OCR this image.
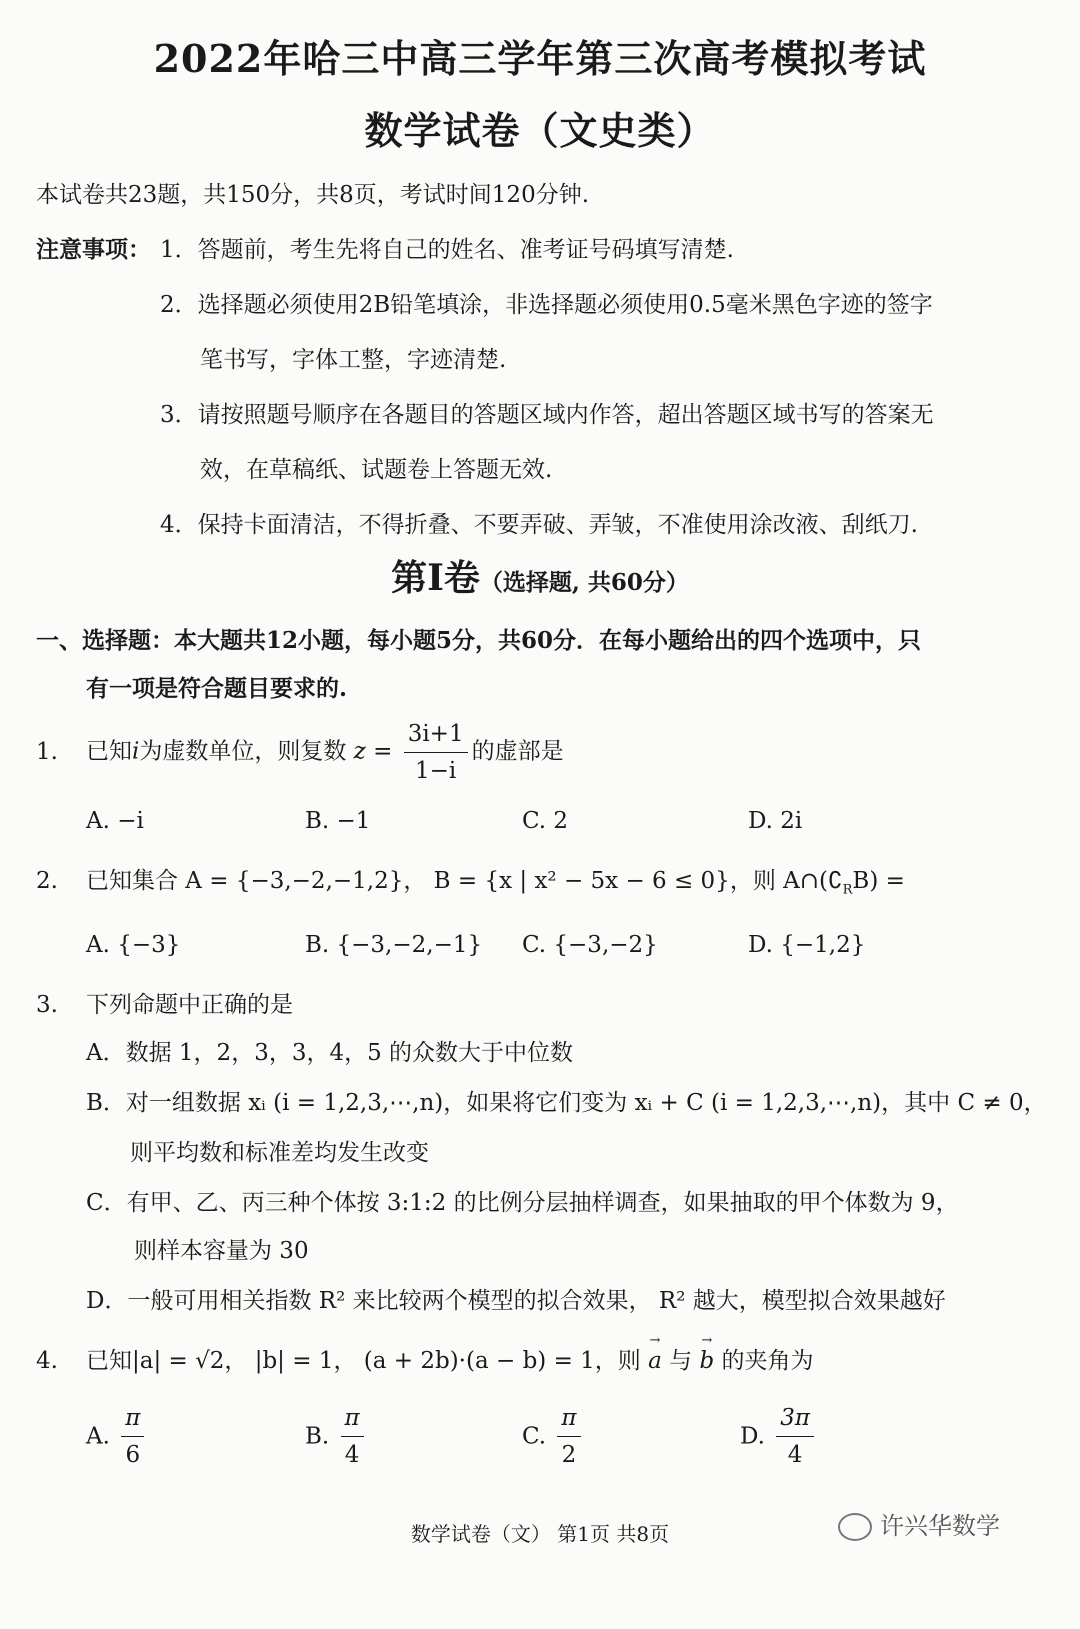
2022年哈三中高三学年第三次高考模拟考试
数学试卷（文史类）
本试卷共23题，共150分，共8页，考试时间120分钟.
注意事项： 1．答题前，考生先将自己的姓名、准考证号码填写清楚.
2．选择题必须使用2B铅笔填涂，非选择题必须使用0.5毫米黑色字迹的签字
笔书写，字体工整，字迹清楚.
3．请按照题号顺序在各题目的答题区域内作答，超出答题区域书写的答案无
效，在草稿纸、试题卷上答题无效.
4．保持卡面清洁，不得折叠、不要弄破、弄皱，不准使用涂改液、刮纸刀.
第Ⅰ卷（选择题, 共60分）
一、选择题：本大题共12小题，每小题5分，共60分．在每小题给出的四个选项中，只
有一项是符合题目要求的.
1. 已知i为虚数单位，则复数 $z = \frac{3i+1}{1-i}$ 的虚部是
A. −i	B. −1	C. 2	D. 2i
2. 已知集合 A = {−3,−2,−1,2}， B = {x | x² − 5x − 6 ≤ 0}，则 $A\cap(∁_RB)$ =
A. {−3}	B. {−3,−2,−1} C. {−3,−2}	D. {−1,2}
3. 下列命题中正确的是
A．数据 1，2，3，3，4，5 的众数大于中位数
B．对一组数据 xᵢ (i = 1,2,3,⋯,n)，如果将它们变为 xᵢ + C (i = 1,2,3,⋯,n)，其中 C ≠ 0，
则平均数和标准差均发生改变
C．有甲、乙、丙三种个体按 3:1:2 的比例分层抽样调查，如果抽取的甲个体数为 9，
则样本容量为 30
D．一般可用相关指数 R² 来比较两个模型的拟合效果， R² 越大，模型拟合效果越好
4. 已知|a| = √2， |b| = 1， (a + 2b)·(a − b) = 1，则 → a 与 → b 的夹角为
A. $\frac{\pi}{6}$	B. $\frac{\pi}{4}$	C. $\frac{\pi}{2}$	D. $\frac{3\pi}{4}$
数学试卷（文） 第1页 共8页	许兴华数学
